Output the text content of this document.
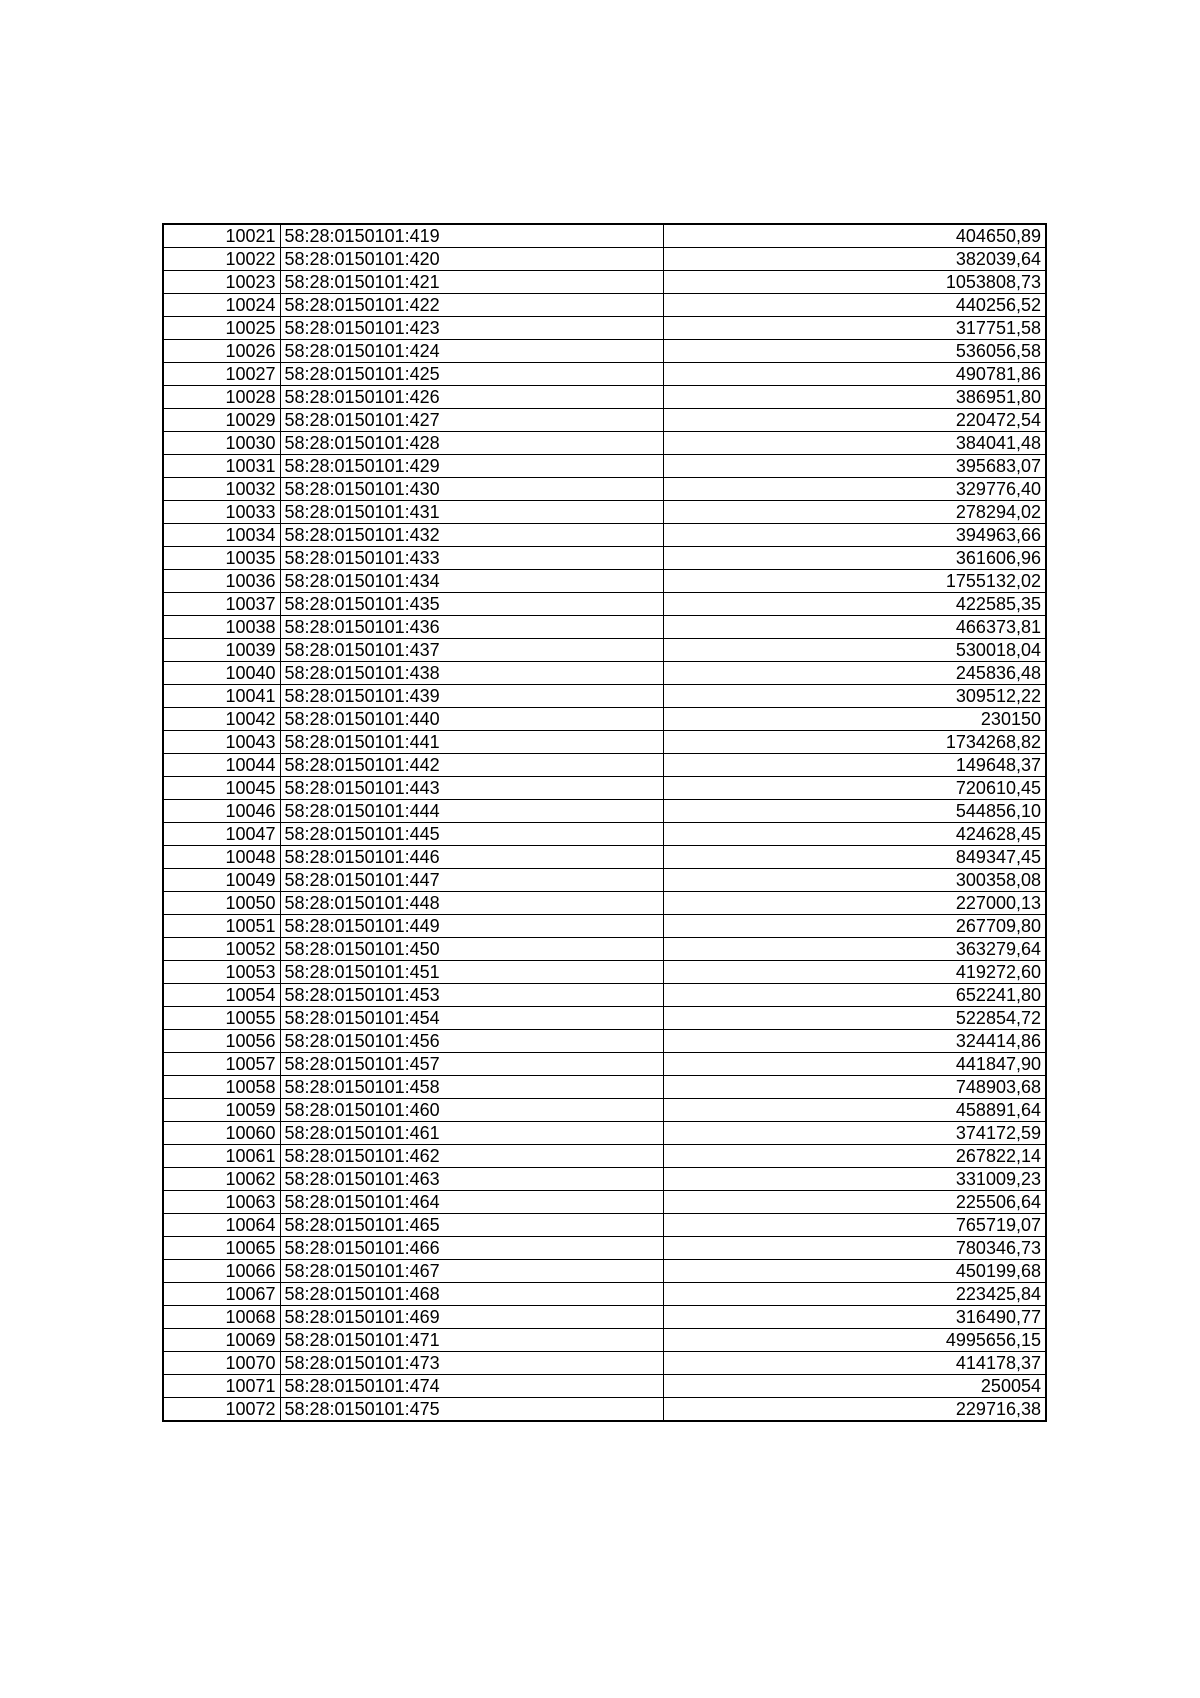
10021	58:28:0150101:419	404650,89
10022	58:28:0150101:420	382039,64
10023	58:28:0150101:421	1053808,73
10024	58:28:0150101:422	440256,52
10025	58:28:0150101:423	317751,58
10026	58:28:0150101:424	536056,58
10027	58:28:0150101:425	490781,86
10028	58:28:0150101:426	386951,80
10029	58:28:0150101:427	220472,54
10030	58:28:0150101:428	384041,48
10031	58:28:0150101:429	395683,07
10032	58:28:0150101:430	329776,40
10033	58:28:0150101:431	278294,02
10034	58:28:0150101:432	394963,66
10035	58:28:0150101:433	361606,96
10036	58:28:0150101:434	1755132,02
10037	58:28:0150101:435	422585,35
10038	58:28:0150101:436	466373,81
10039	58:28:0150101:437	530018,04
10040	58:28:0150101:438	245836,48
10041	58:28:0150101:439	309512,22
10042	58:28:0150101:440	230150
10043	58:28:0150101:441	1734268,82
10044	58:28:0150101:442	149648,37
10045	58:28:0150101:443	720610,45
10046	58:28:0150101:444	544856,10
10047	58:28:0150101:445	424628,45
10048	58:28:0150101:446	849347,45
10049	58:28:0150101:447	300358,08
10050	58:28:0150101:448	227000,13
10051	58:28:0150101:449	267709,80
10052	58:28:0150101:450	363279,64
10053	58:28:0150101:451	419272,60
10054	58:28:0150101:453	652241,80
10055	58:28:0150101:454	522854,72
10056	58:28:0150101:456	324414,86
10057	58:28:0150101:457	441847,90
10058	58:28:0150101:458	748903,68
10059	58:28:0150101:460	458891,64
10060	58:28:0150101:461	374172,59
10061	58:28:0150101:462	267822,14
10062	58:28:0150101:463	331009,23
10063	58:28:0150101:464	225506,64
10064	58:28:0150101:465	765719,07
10065	58:28:0150101:466	780346,73
10066	58:28:0150101:467	450199,68
10067	58:28:0150101:468	223425,84
10068	58:28:0150101:469	316490,77
10069	58:28:0150101:471	4995656,15
10070	58:28:0150101:473	414178,37
10071	58:28:0150101:474	250054
10072	58:28:0150101:475	229716,38
